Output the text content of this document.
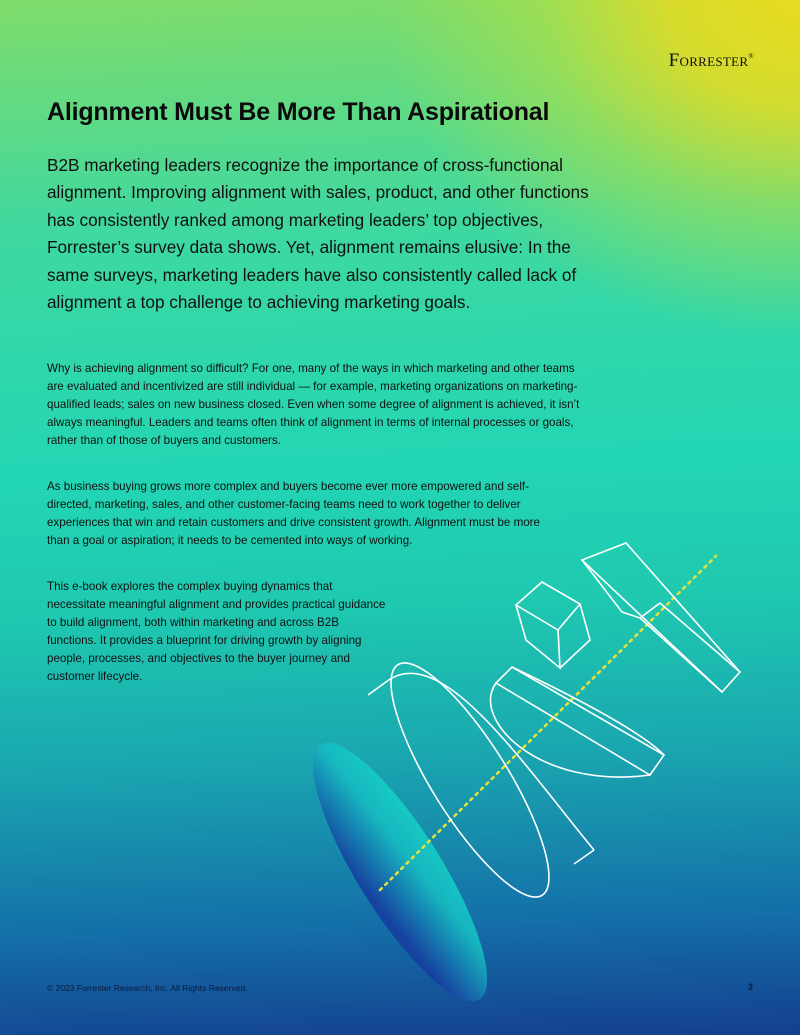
Forrester®
Alignment Must Be More Than Aspirational

B2B marketing leaders recognize the importance of cross-functional alignment. Improving alignment with sales, product, and other functions has consistently ranked among marketing leaders’ top objectives, Forrester’s survey data shows. Yet, alignment remains elusive: In the same surveys, marketing leaders have also consistently called lack of alignment a top challenge to achieving marketing goals.

Why is achieving alignment so difficult? For one, many of the ways in which marketing and other teams are evaluated and incentivized are still individual — for example, marketing organizations on marketing-qualified leads; sales on new business closed. Even when some degree of alignment is achieved, it isn’t always meaningful. Leaders and teams often think of alignment in terms of internal processes or goals, rather than of those of buyers and customers.

As business buying grows more complex and buyers become ever more empowered and self-directed, marketing, sales, and other customer-facing teams need to work together to deliver experiences that win and retain customers and drive consistent growth. Alignment must be more than a goal or aspiration; it needs to be cemented into ways of working.

This e-book explores the complex buying dynamics that necessitate meaningful alignment and provides practical guidance to build alignment, both within marketing and across B2B functions. It provides a blueprint for driving growth by aligning people, processes, and objectives to the buyer journey and customer lifecycle.

© 2023 Forrester Research, Inc. All Rights Reserved.	3
